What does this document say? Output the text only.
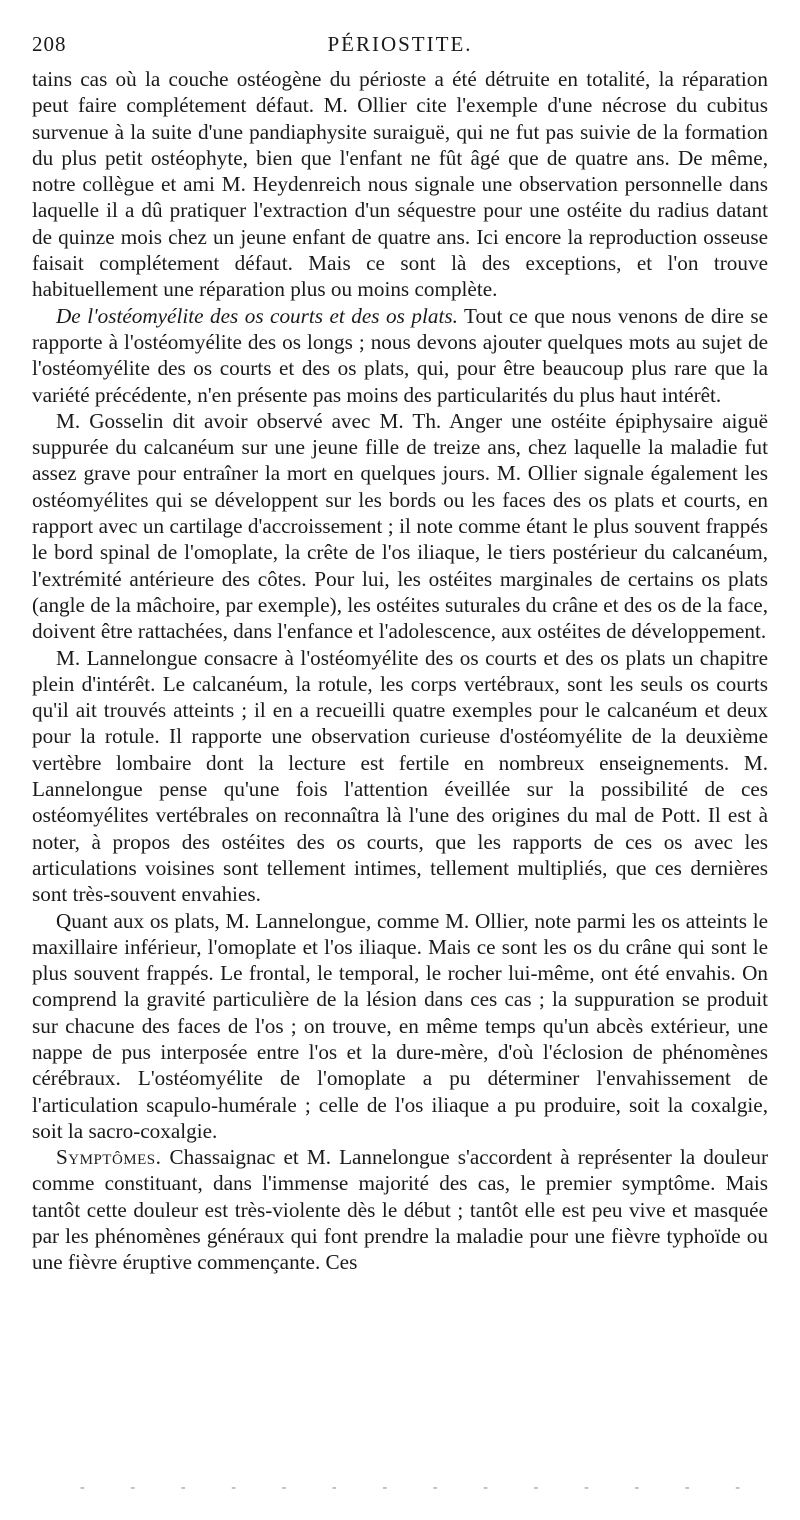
208	PÉRIOSTITE.

tains cas où la couche ostéogène du périoste a été détruite en totalité, la réparation peut faire complétement défaut. M. Ollier cite l'exemple d'une nécrose du cubitus survenue à la suite d'une pandiaphysite suraiguë, qui ne fut pas suivie de la formation du plus petit ostéophyte, bien que l'enfant ne fût âgé que de quatre ans. De même, notre collègue et ami M. Heydenreich nous signale une observation personnelle dans laquelle il a dû pratiquer l'extraction d'un séquestre pour une ostéite du radius datant de quinze mois chez un jeune enfant de quatre ans. Ici encore la reproduction osseuse faisait complétement défaut. Mais ce sont là des exceptions, et l'on trouve habituellement une réparation plus ou moins complète.

De l'ostéomyélite des os courts et des os plats. Tout ce que nous venons de dire se rapporte à l'ostéomyélite des os longs ; nous devons ajouter quelques mots au sujet de l'ostéomyélite des os courts et des os plats, qui, pour être beaucoup plus rare que la variété précédente, n'en présente pas moins des particularités du plus haut intérêt.

M. Gosselin dit avoir observé avec M. Th. Anger une ostéite épiphysaire aiguë suppurée du calcanéum sur une jeune fille de treize ans, chez laquelle la maladie fut assez grave pour entraîner la mort en quelques jours. M. Ollier signale également les ostéomyélites qui se développent sur les bords ou les faces des os plats et courts, en rapport avec un cartilage d'accroissement ; il note comme étant le plus souvent frappés le bord spinal de l'omoplate, la crête de l'os iliaque, le tiers postérieur du calcanéum, l'extrémité antérieure des côtes. Pour lui, les ostéites marginales de certains os plats (angle de la mâchoire, par exemple), les ostéites suturales du crâne et des os de la face, doivent être rattachées, dans l'enfance et l'adolescence, aux ostéites de développement.

M. Lannelongue consacre à l'ostéomyélite des os courts et des os plats un chapitre plein d'intérêt. Le calcanéum, la rotule, les corps vertébraux, sont les seuls os courts qu'il ait trouvés atteints ; il en a recueilli quatre exemples pour le calcanéum et deux pour la rotule. Il rapporte une observation curieuse d'ostéomyélite de la deuxième vertèbre lombaire dont la lecture est fertile en nombreux enseignements. M. Lannelongue pense qu'une fois l'attention éveillée sur la possibilité de ces ostéomyélites vertébrales on reconnaîtra là l'une des origines du mal de Pott. Il est à noter, à propos des ostéites des os courts, que les rapports de ces os avec les articulations voisines sont tellement intimes, tellement multipliés, que ces dernières sont très-souvent envahies.

Quant aux os plats, M. Lannelongue, comme M. Ollier, note parmi les os atteints le maxillaire inférieur, l'omoplate et l'os iliaque. Mais ce sont les os du crâne qui sont le plus souvent frappés. Le frontal, le temporal, le rocher lui-même, ont été envahis. On comprend la gravité particulière de la lésion dans ces cas ; la suppuration se produit sur chacune des faces de l'os ; on trouve, en même temps qu'un abcès extérieur, une nappe de pus interposée entre l'os et la dure-mère, d'où l'éclosion de phénomènes cérébraux. L'ostéomyélite de l'omoplate a pu déterminer l'envahissement de l'articulation scapulo-humérale ; celle de l'os iliaque a pu produire, soit la coxalgie, soit la sacro-coxalgie.

Symptômes. Chassaignac et M. Lannelongue s'accordent à représenter la douleur comme constituant, dans l'immense majorité des cas, le premier symptôme. Mais tantôt cette douleur est très-violente dès le début ; tantôt elle est peu vive et masquée par les phénomènes généraux qui font prendre la maladie pour une fièvre typhoïde ou une fièvre éruptive commençante. Ces

-	-	-	-	-	-	-	-	-	-	-	-	-	-
